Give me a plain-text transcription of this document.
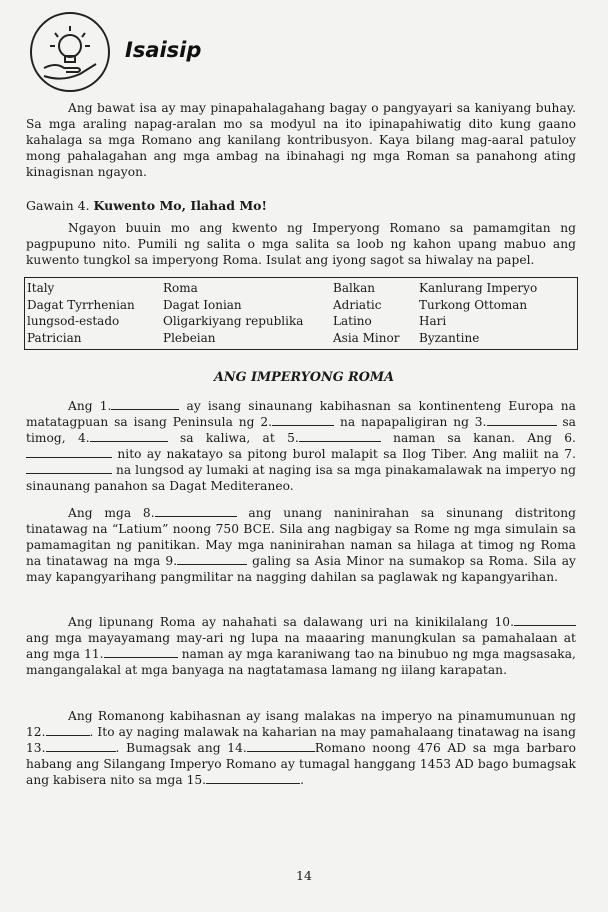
Isaisip
Ang bawat isa ay may pinapahalagahang bagay o pangyayari sa kaniyang buhay. Sa mga araling napag-aralan mo sa modyul na ito ipinapahiwatig dito kung gaano kahalaga sa mga Romano ang kanilang kontribusyon. Kaya bilang mag-aaral patuloy mong pahalagahan ang mga ambag na ibinahagi ng mga Roman sa panahong ating kinagisnan ngayon.
Gawain 4. Kuwento Mo, Ilahad Mo!
Ngayon buuin mo ang kwento ng Imperyong Romano sa pamamgitan ng pagpupuno nito. Pumili ng salita o mga salita sa loob ng kahon upang mabuo ang kuwento tungkol sa imperyong Roma. Isulat ang iyong sagot sa hiwalay na papel.
Italy	Roma	Balkan	Kanlurang Imperyo
Dagat Tyrrhenian	Dagat Ionian	Adriatic	Turkong Ottoman
lungsod-estado	Oligarkiyang republika	Latino	Hari
Patrician	Plebeian	Asia Minor	Byzantine
ANG IMPERYONG ROMA
Ang 1.	ay isang sinaunang kabihasnan sa kontinenteng Europa na matatagpuan sa isang Peninsula ng 2.	na napapaligiran ng 3.	sa timog, 4.	sa kaliwa, at 5.	naman sa kanan. Ang 6. nito ay nakatayo sa pitong burol malapit sa Ilog Tiber. Ang maliit na 7. na lungsod ay lumaki at naging isa sa mga pinakamalawak na imperyo ng sinaunang panahon sa Dagat Mediteraneo.
Ang mga 8.	ang unang naninirahan sa sinunang distritong tinatawag na “Latium” noong 750 BCE. Sila ang nagbigay sa Rome ng mga simulain sa pamamagitan ng panitikan. May mga naninirahan naman sa hilaga at timog ng Roma na tinatawag na mga 9.	galing sa Asia Minor na sumakop sa Roma. Sila ay may kapangyarihang pangmilitar na nagging dahilan sa paglawak ng kapangyarihan.
Ang lipunang Roma ay nahahati sa dalawang uri na kinikilalang 10. ang mga mayayamang may-ari ng lupa na maaaring manungkulan sa pamahalaan at ang mga 11.	naman ay mga karaniwang tao na binubuo ng mga magsasaka, mangangalakal at mga banyaga na nagtatamasa lamang ng iilang karapatan.
Ang Romanong kabihasnan ay isang malakas na imperyo na pinamumunuan ng 12.	. Ito ay naging malawak na kaharian na may pamahalaang tinatawag na isang 13.	. Bumagsak ang 14.	Romano noong 476 AD sa mga barbaro habang ang Silangang Imperyo Romano ay tumagal hanggang 1453 AD bago bumagsak ang kabisera nito sa mga 15.	.
14
